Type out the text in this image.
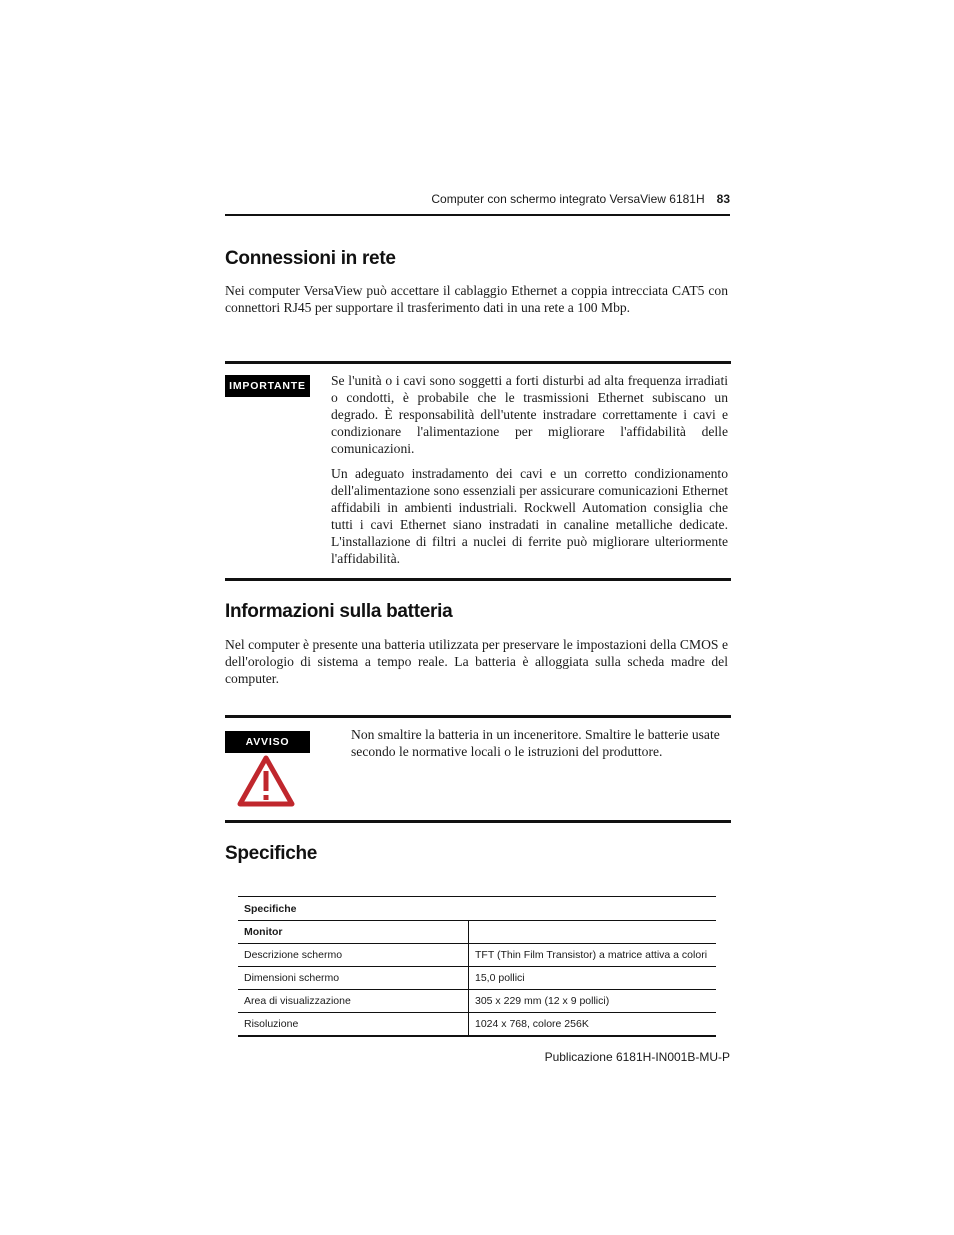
Computer con schermo integrato VersaView 6181H 83
Connessioni in rete

Nei computer VersaView può accettare il cablaggio Ethernet a coppia intrecciata CAT5 con connettori RJ45 per supportare il trasferimento dati in una rete a 100 Mbp.

IMPORTANTE	Se l'unità o i cavi sono soggetti a forti disturbi ad alta frequenza irradiati o condotti, è probabile che le trasmissioni Ethernet subiscano un degrado. È responsabilità dell'utente instradare correttamente i cavi e condizionare l'alimentazione per migliorare l'affidabilità delle comunicazioni.

Un adeguato instradamento dei cavi e un corretto condizionamento dell'alimentazione sono essenziali per assicurare comunicazioni Ethernet affidabili in ambienti industriali. Rockwell Automation consiglia che tutti i cavi Ethernet siano instradati in canaline metalliche dedicate. L'installazione di filtri a nuclei di ferrite può migliorare ulteriormente l'affidabilità.

Informazioni sulla batteria

Nel computer è presente una batteria utilizzata per preservare le impostazioni della CMOS e dell'orologio di sistema a tempo reale. La batteria è alloggiata sulla scheda madre del computer.

AVVISO	Non smaltire la batteria in un inceneritore. Smaltire le batterie usate secondo le normative locali o le istruzioni del produttore.

Specifiche
Specifiche	
Monitor	
Descrizione schermo	TFT (Thin Film Transistor) a matrice attiva a colori
Dimensioni schermo	15,0 pollici
Area di visualizzazione	305 x 229 mm (12 x 9 pollici)
Risoluzione	1024 x 768, colore 256K
Publicazione 6181H-IN001B-MU-P
